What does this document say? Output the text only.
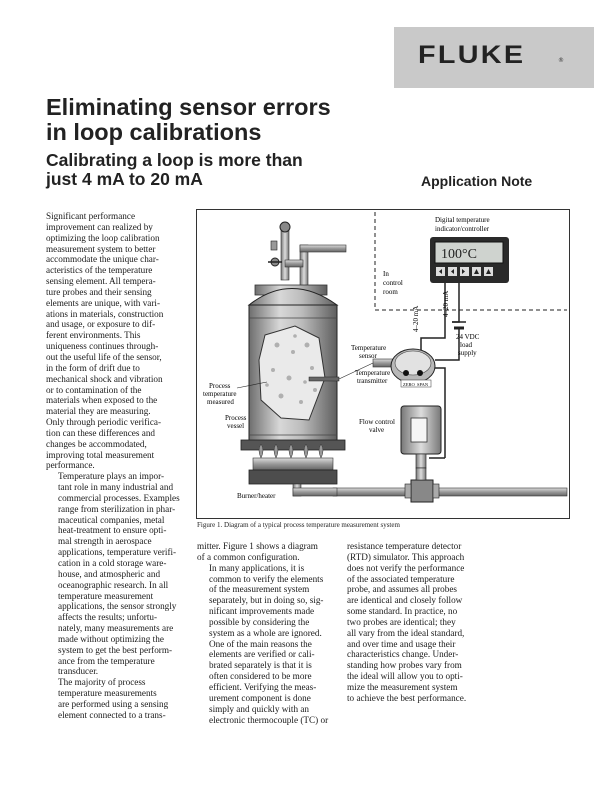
FLUKE	®
Eliminating sensor errors
in loop calibrations
Calibrating a loop is more than
just 4 mA to 20 mA	Application Note

Significant performance
improvement can realized by
optimizing the loop calibration
measurement system to better
accommodate the unique char-
acteristics of the temperature
sensing element. All tempera-
ture probes and their sensing
elements are unique, with vari-
ations in materials, construction
and usage, or exposure to dif-
ferent environments. This
uniqueness continues through-
out the useful life of the sensor,
in the form of drift due to
mechanical shock and vibration
or to contamination of the
materials when exposed to the
material they are measuring.
Only through periodic verifica-
tion can these differences and
changes be accommodated,
improving total measurement
performance.

Temperature plays an impor-
tant role in many industrial and
commercial processes. Examples
range from sterilization in phar-
maceutical companies, metal
heat-treatment to ensure opti-
mal strength in aerospace
applications, temperature verifi-
cation in a cold storage ware-
house, and atmospheric and
oceanographic research. In all
temperature measurement
applications, the sensor strongly
affects the results; unfortu-
nately, many measurements are
made without optimizing the
system to get the best perform-
ance from the temperature
transducer.

The majority of process
temperature measurements
are performed using a sensing
element connected to a trans-

mitter. Figure 1 shows a diagram
of a common configuration.

In many applications, it is
common to verify the elements
of the measurement system
separately, but in doing so, sig-
nificant improvements made
possible by considering the
system as a whole are ignored.
One of the main reasons the
elements are verified or cali-
brated separately is that it is
often considered to be more
efficient. Verifying the meas-
urement component is done
simply and quickly with an
electronic thermocouple (TC) or

resistance temperature detector
(RTD) simulator. This approach
does not verify the performance
of the associated temperature
probe, and assumes all probes
are identical and closely follow
some standard. In practice, no
two probes are identical; they
all vary from the ideal standard,
and over time and usage their
characteristics change. Under-
standing how probes vary from
the ideal will allow you to opti-
mize the measurement system
to achieve the best performance.

In
control
room
Digital temperature
indicator/controller
100°C
4–20 mA
4–20 mA
24 VDC
load
supply
ZERO SPAN
Temperature
sensor
Temperature
transmitter
Flow control
valve
Burner/heater
Process
temperature
measured
Process
vessel
Figure 1. Diagram of a typical process temperature measurement system
